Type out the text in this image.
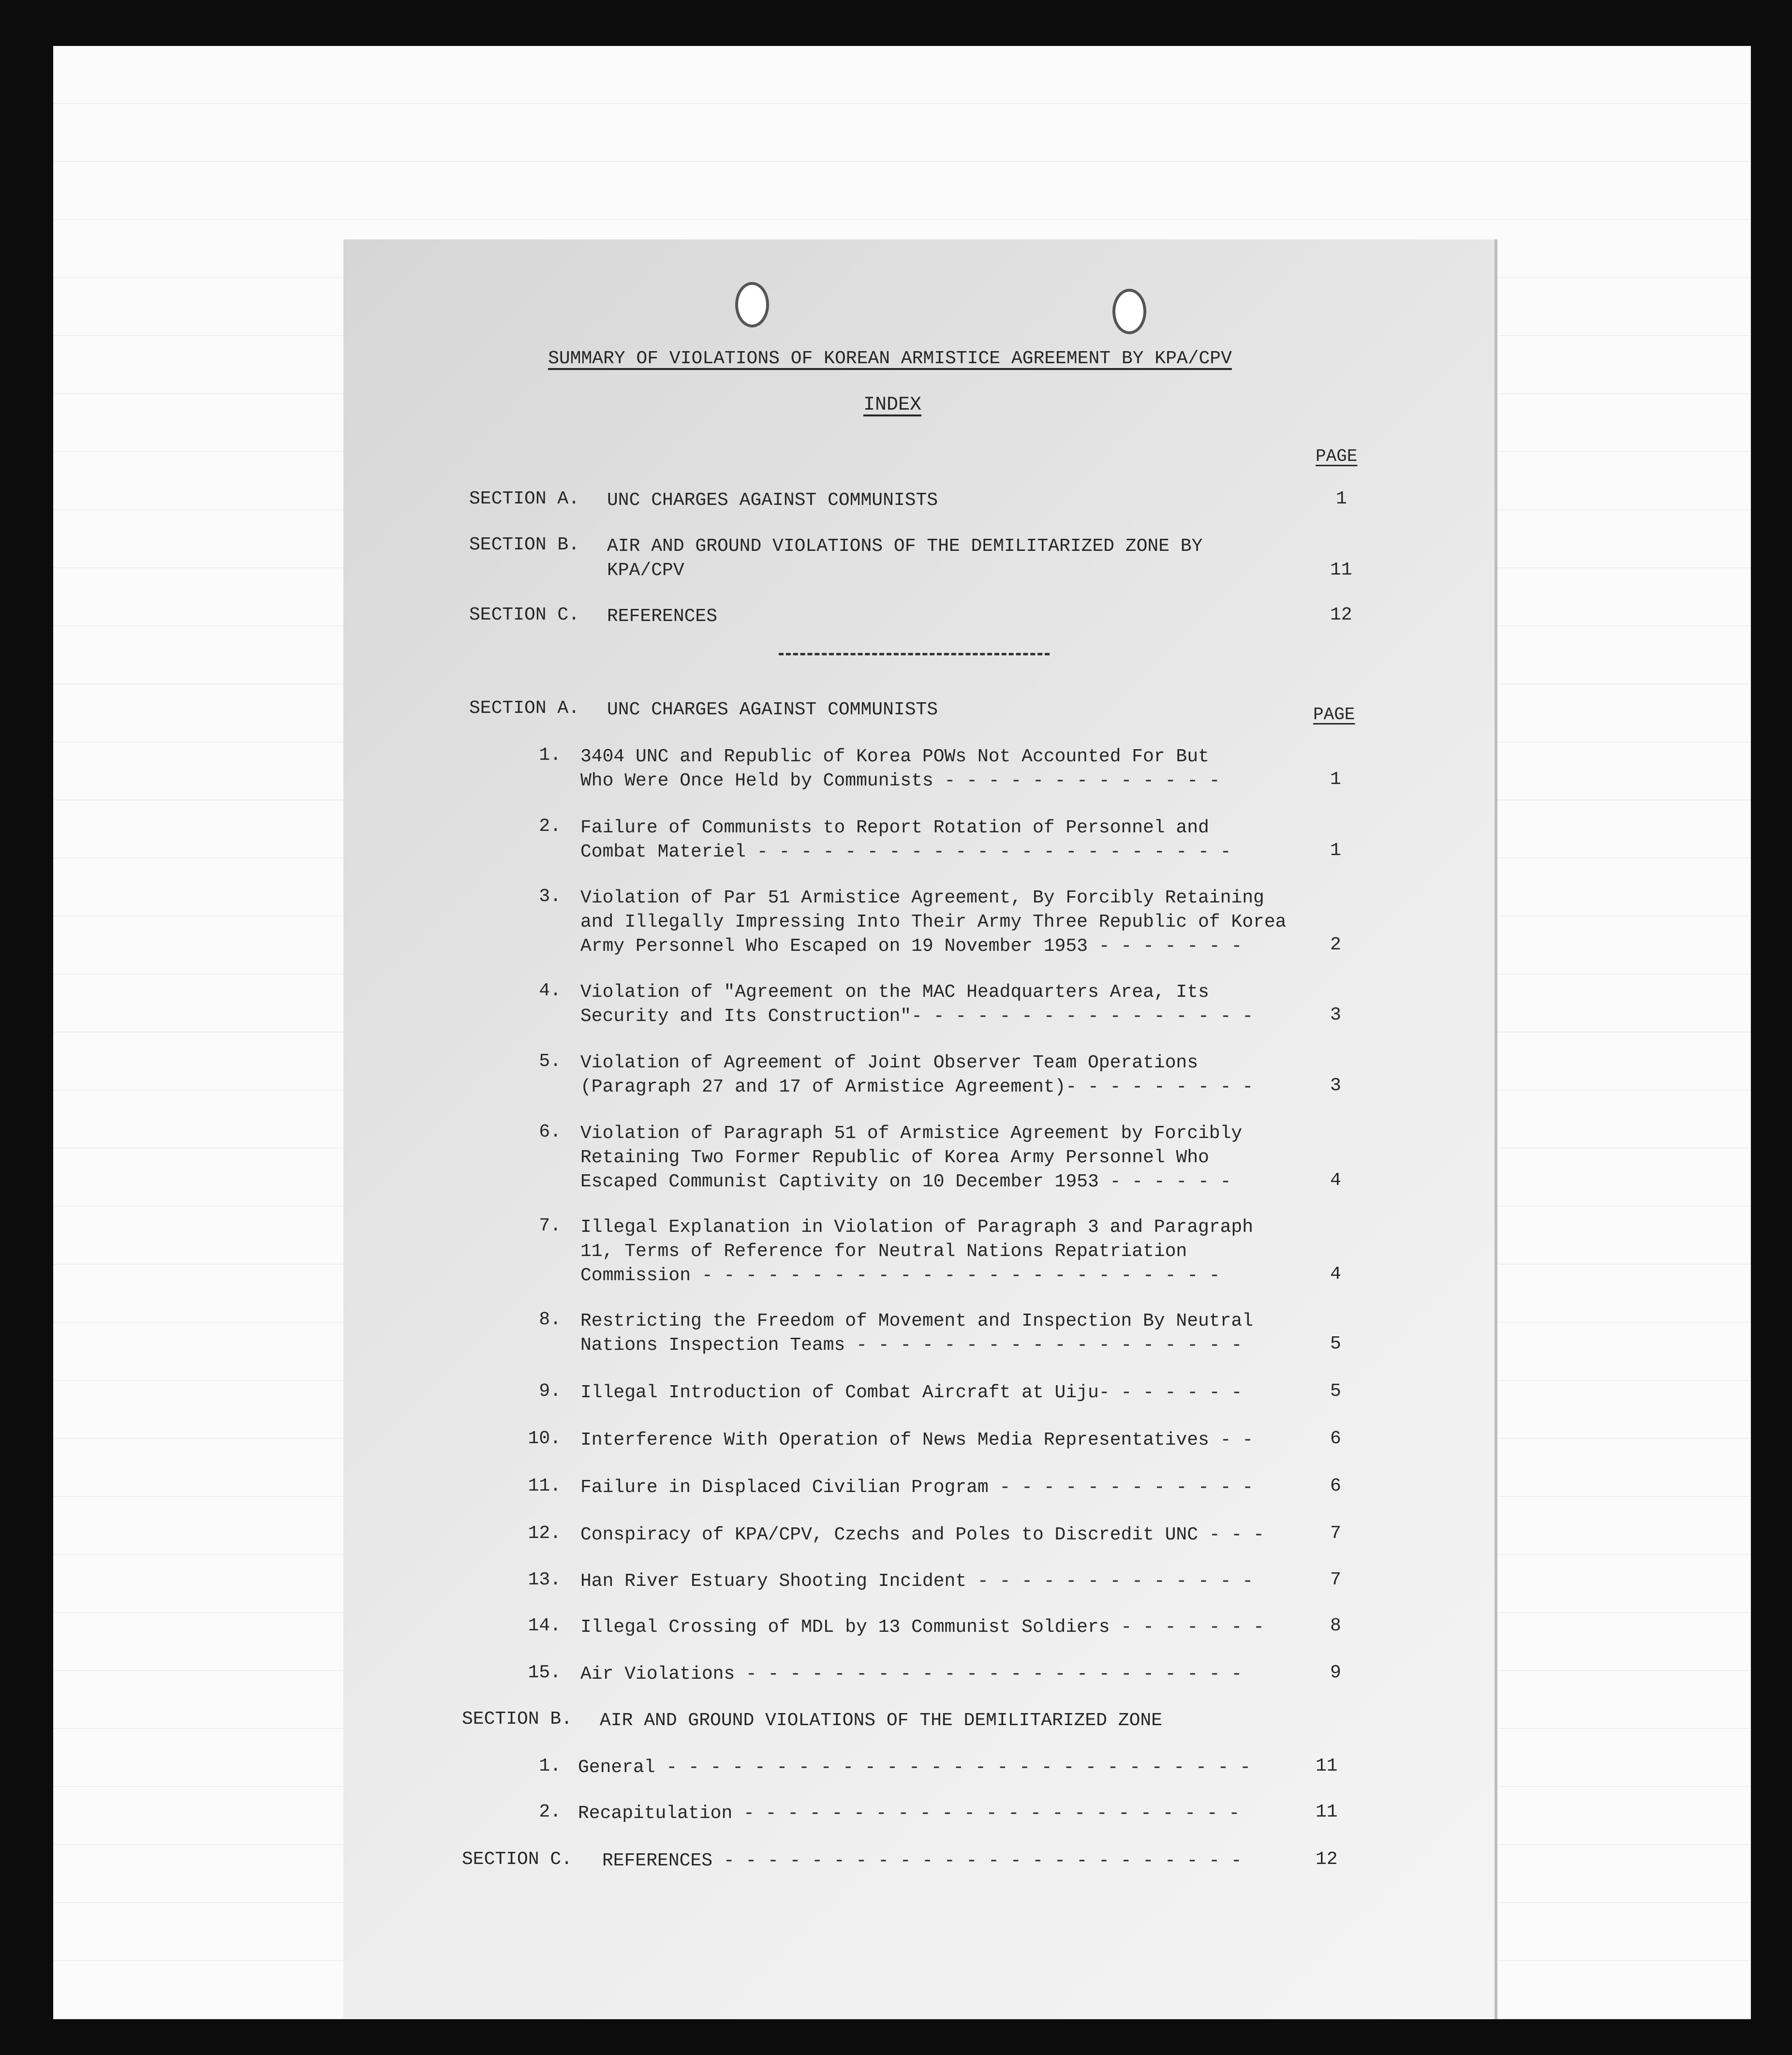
SUMMARY OF VIOLATIONS OF KOREAN ARMISTICE AGREEMENT BY KPA/CPV
INDEX
PAGE
SECTION A. UNC CHARGES AGAINST COMMUNISTS	1
SECTION B. AIR AND GROUND VIOLATIONS OF THE DEMILITARIZED ZONE BY
KPA/CPV	11
SECTION C. REFERENCES	12
SECTION A. UNC CHARGES AGAINST COMMUNISTS	PAGE
1. 3404 UNC and Republic of Korea POWs Not Accounted For But
Who Were Once Held by Communists - - - - - - - - - - - - -	1
2. Failure of Communists to Report Rotation of Personnel and
Combat Materiel - - - - - - - - - - - - - - - - - - - - - -	1
3. Violation of Par 51 Armistice Agreement, By Forcibly Retaining
and Illegally Impressing Into Their Army Three Republic of Korea
Army Personnel Who Escaped on 19 November 1953 - - - - - - -	2
4. Violation of "Agreement on the MAC Headquarters Area, Its
Security and Its Construction"- - - - - - - - - - - - - - - -	3
5. Violation of Agreement of Joint Observer Team Operations
(Paragraph 27 and 17 of Armistice Agreement)- - - - - - - - -	3
6. Violation of Paragraph 51 of Armistice Agreement by Forcibly
Retaining Two Former Republic of Korea Army Personnel Who
Escaped Communist Captivity on 10 December 1953 - - - - - -	4
7. Illegal Explanation in Violation of Paragraph 3 and Paragraph
11, Terms of Reference for Neutral Nations Repatriation
Commission - - - - - - - - - - - - - - - - - - - - - - - -	4
8. Restricting the Freedom of Movement and Inspection By Neutral
Nations Inspection Teams - - - - - - - - - - - - - - - - - -	5
9. Illegal Introduction of Combat Aircraft at Uiju- - - - - - -	5
10. Interference With Operation of News Media Representatives - -	6
11. Failure in Displaced Civilian Program - - - - - - - - - - - -	6
12. Conspiracy of KPA/CPV, Czechs and Poles to Discredit UNC - - -	7
13. Han River Estuary Shooting Incident - - - - - - - - - - - - -	7
14. Illegal Crossing of MDL by 13 Communist Soldiers - - - - - - -	8
15. Air Violations - - - - - - - - - - - - - - - - - - - - - - -	9
SECTION B. AIR AND GROUND VIOLATIONS OF THE DEMILITARIZED ZONE
1. General - - - - - - - - - - - - - - - - - - - - - - - - - - -	11
2. Recapitulation - - - - - - - - - - - - - - - - - - - - - - -	11
SECTION C. REFERENCES - - - - - - - - - - - - - - - - - - - - - - - -	12
